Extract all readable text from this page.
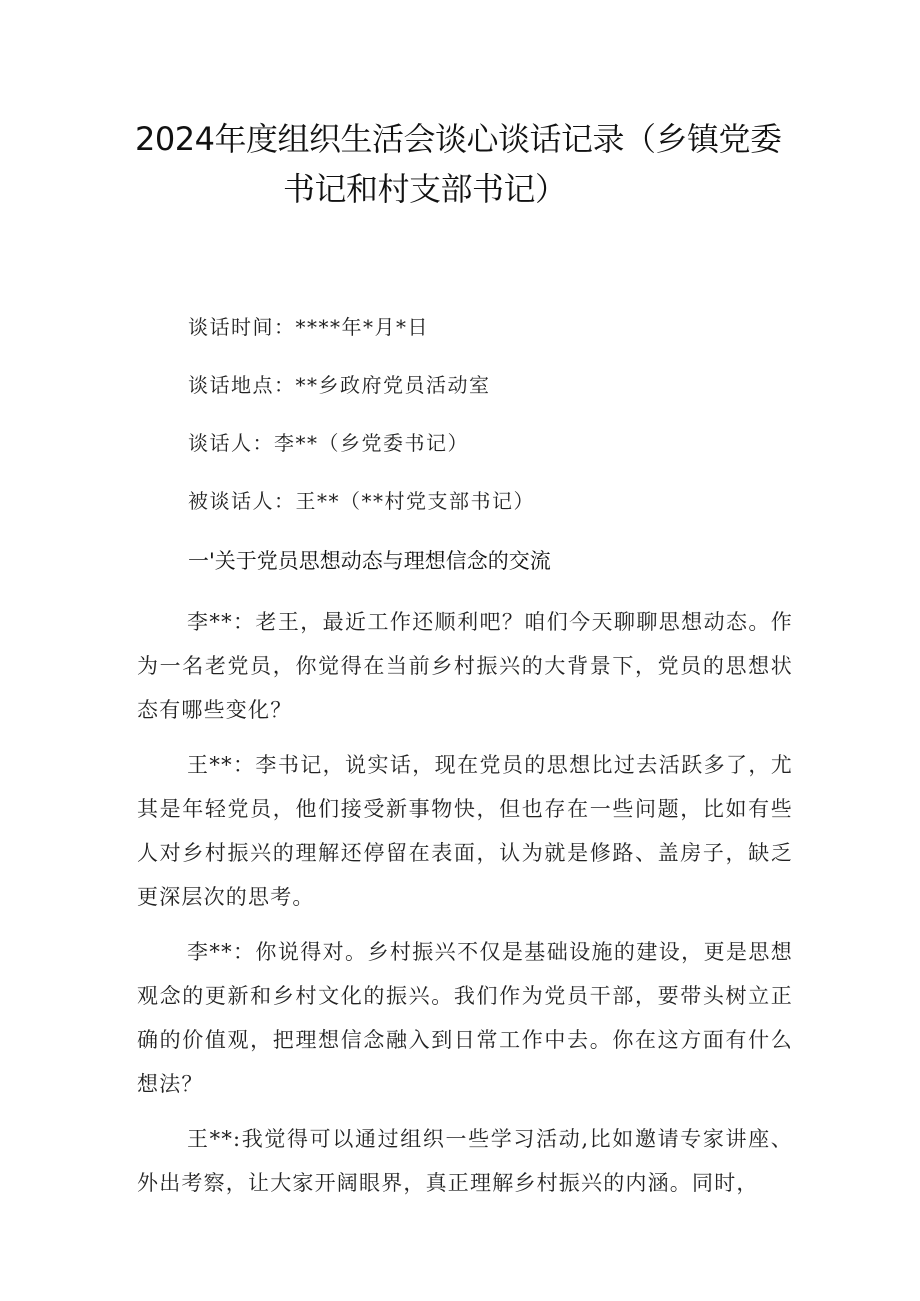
2024年度组织生活会谈心谈话记录（乡镇党委
书记和村支部书记）
谈话时间：****年*月*日
谈话地点：**乡政府党员活动室
谈话人：李**（乡党委书记）
被谈话人：王**（**村党支部书记）
一'关于党员思想动态与理想信念的交流
李**：老王，最近工作还顺利吧？咱们今天聊聊思想动态。作为一名老党员，你觉得在当前乡村振兴的大背景下，党员的思想状态有哪些变化？
王**：李书记，说实话，现在党员的思想比过去活跃多了，尤其是年轻党员，他们接受新事物快，但也存在一些问题，比如有些人对乡村振兴的理解还停留在表面，认为就是修路、盖房子，缺乏更深层次的思考。
李**：你说得对。乡村振兴不仅是基础设施的建设，更是思想观念的更新和乡村文化的振兴。我们作为党员干部，要带头树立正确的价值观，把理想信念融入到日常工作中去。你在这方面有什么想法？
王**:我觉得可以通过组织一些学习活动,比如邀请专家讲座、外出考察，让大家开阔眼界，真正理解乡村振兴的内涵。同时，
